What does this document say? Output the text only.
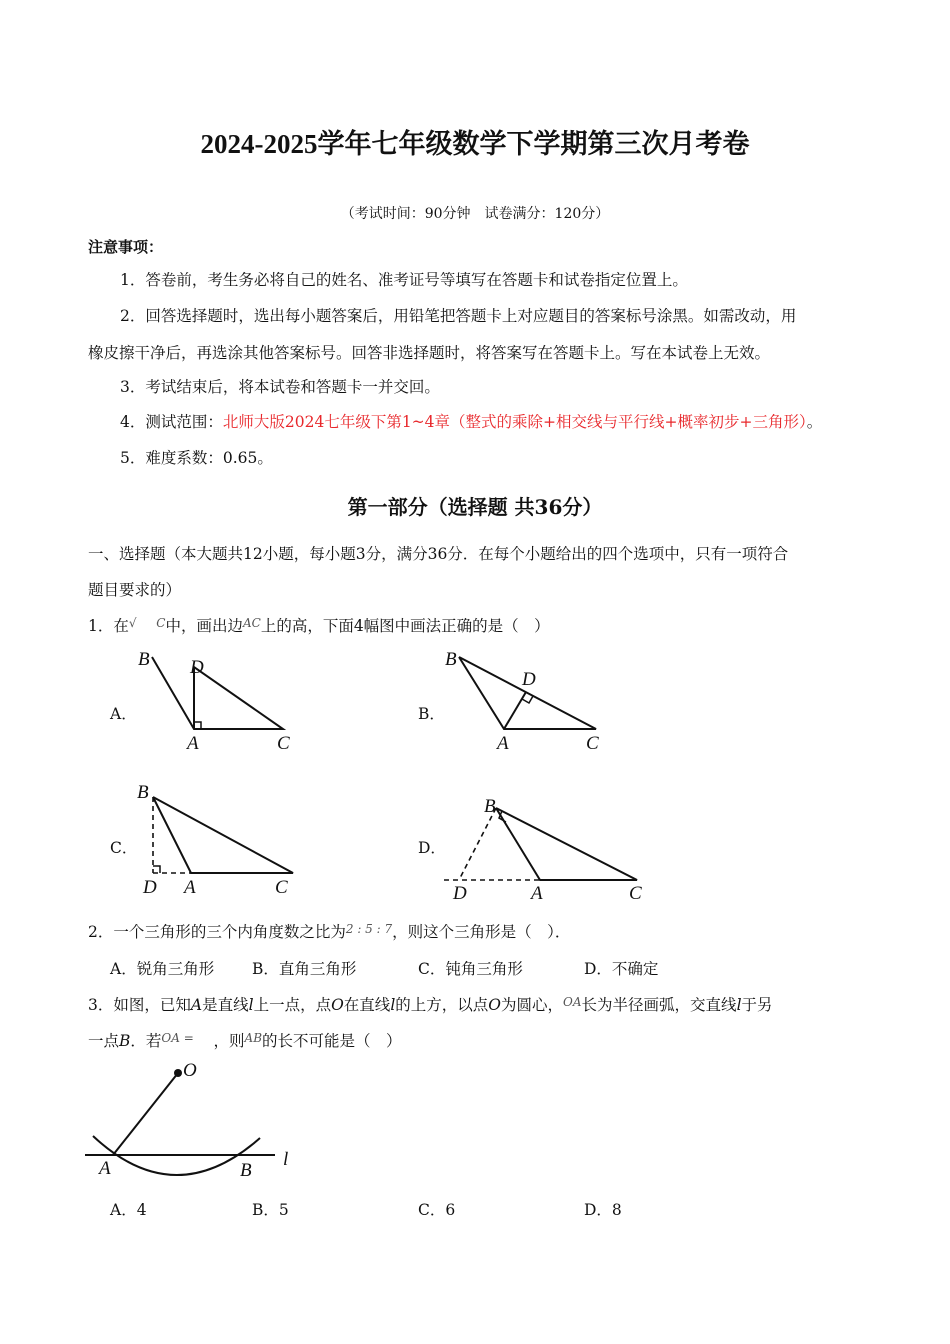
2024-2025学年七年级数学下学期第三次月考卷
（考试时间：90分钟　试卷满分：120分）
注意事项：
1．答卷前，考生务必将自己的姓名、准考证号等填写在答题卡和试卷指定位置上。
2．回答选择题时，选出每小题答案后，用铅笔把答题卡上对应题目的答案标号涂黑。如需改动，用
橡皮擦干净后，再选涂其他答案标号。回答非选择题时，将答案写在答题卡上。写在本试卷上无效。
3．考试结束后，将本试卷和答题卡一并交回。
4．测试范围：北师大版2024七年级下第1~4章（整式的乘除+相交线与平行线+概率初步+三角形）。
5．难度系数：0.65。
第一部分（选择题 共36分）
一、选择题（本大题共12小题，每小题3分，满分36分．在每个小题给出的四个选项中，只有一项符合
题目要求的）
1．在√ $^C$中，画出边$^{AC}$上的高，下面4幅图中画法正确的是（　）
A．
B D
A	C
B．
B
D
A	C
C．
B
D A	C
D．
B
D	A	C
2．一个三角形的三个内角度数之比为$^{2 : 5 : 7}$，则这个三角形是（　）．
A．锐角三角形 B．直角三角形	C．钝角三角形	D．不确定
3．如图，已知A是直线l上一点，点O在直线l的上方，以点O为圆心，$^{OA}$长为半径画弧，交直线l于另
一点B．若$^{OA =}$ ，则$^{AB}$的长不可能是（　）
O
A	B
l
A．4	B．5	C．6	D．8
